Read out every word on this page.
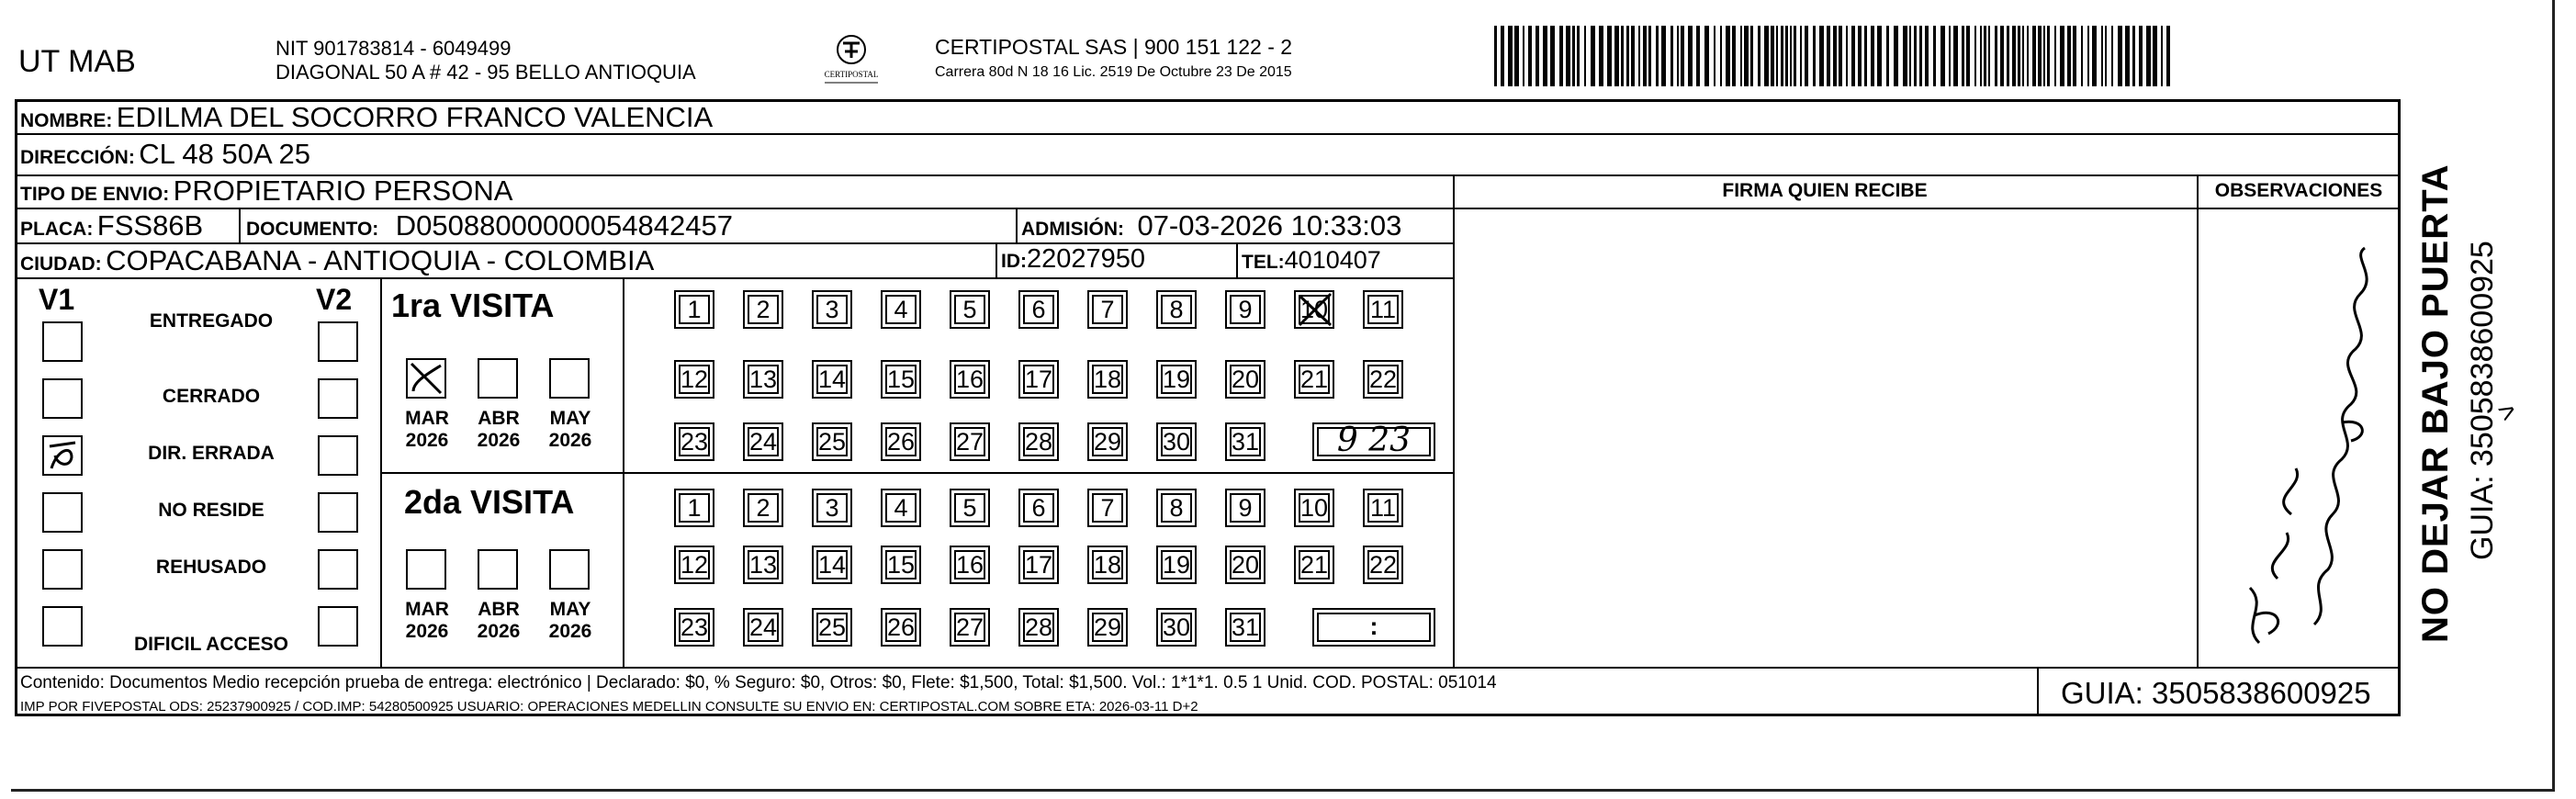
UT MAB	NIT 901783814 - 6049499
DIAGONAL 50 A # 42 - 95 BELLO ANTIOQUIA	CERTIPOSTAL
CERTIPOSTAL SAS | 900 151 122 - 2
Carrera 80d N 18 16 Lic. 2519 De Octubre 23 De 2015
NOMBRE: EDILMA DEL SOCORRO FRANCO VALENCIA
DIRECCIÓN: CL 48 50A 25
TIPO DE ENVIO: PROPIETARIO PERSONA
PLACA: FSS86B DOCUMENTO: D05088000000054842457	ADMISIÓN: 07-03-2026 10:33:03
CIUDAD: COPACABANA - ANTIOQUIA - COLOMBIA	ID:22027950	TEL:4010407
FIRMA QUIEN RECIBE	OBSERVACIONES
V1	V2
ENTREGADO
CERRADO
DIR. ERRADA
NO RESIDE
REHUSADO
DIFICIL ACCESO
1ra VISITA
MAR
2026
ABR
2026
MAY
2026
1	2	3	4	5	6	7	8	9	10 11
12 13 14 15 16 17 18 19 20 21 22
23 24 25 26 27 28 29 30 31	9 23
2da VISITA
MAR
2026
ABR
2026
MAY
2026
1	2	3	4	5	6	7	8	9	10 11
12 13 14 15 16 17 18 19 20 21 22
23 24 25 26 27 28 29 30 31	:
Contenido: Documentos Medio recepción prueba de entrega: electrónico | Declarado: $0, % Seguro: $0, Otros: $0, Flete: $1,500, Total: $1,500. Vol.: 1*1*1. 0.5 1 Unid. COD. POSTAL: 051014
IMP POR FIVEPOSTAL ODS: 25237900925 / COD.IMP: 54280500925 USUARIO: OPERACIONES MEDELLIN CONSULTE SU ENVIO EN: CERTIPOSTAL.COM SOBRE ETA: 2026-03-11 D+2	GUIA: 3505838600925
NO DEJAR BAJO PUERTA GUIA: 3505838600925
>
